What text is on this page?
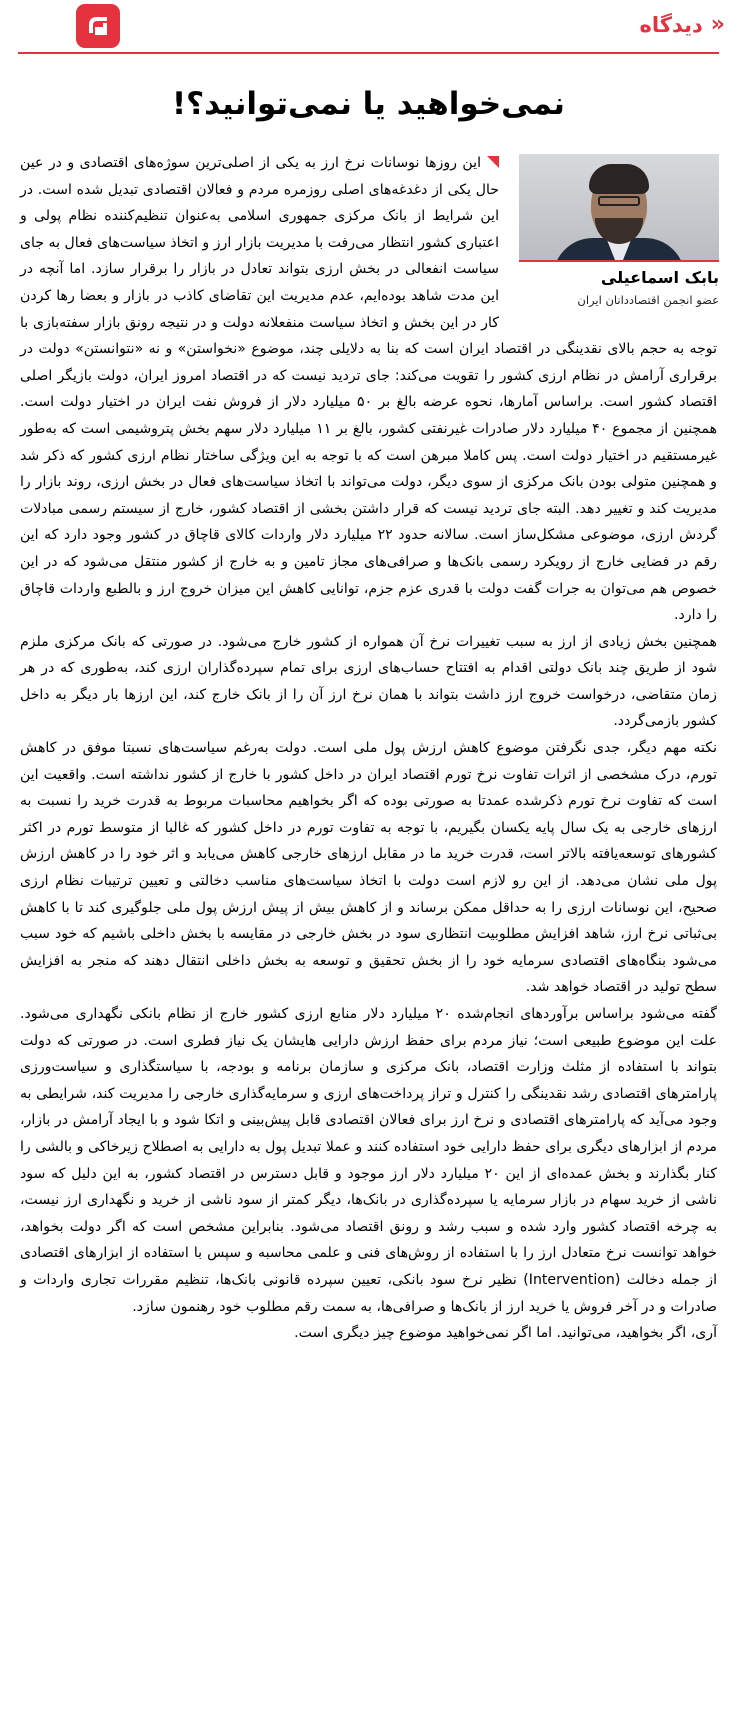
«
دیدگاه
نمی‌خواهید یا نمی‌توانید؟!
بابک اسماعیلی
عضو انجمن اقتصاددانان ایران

این روزها نوسانات نرخ ارز به یکی از اصلی‌ترین سوژه‌های اقتصادی و در عین حال یکی از دغدغه‌های اصلی روزمره مردم و فعالان اقتصادی تبدیل شده است. در این شرایط از بانک مرکزی جمهوری اسلامی به‌عنوان تنظیم‌کننده نظام پولی و اعتباری کشور انتظار می‌رفت با مدیریت بازار ارز و اتخاذ سیاست‌های فعال به جای سیاست انفعالی در بخش ارزی بتواند تعادل در بازار را برقرار سازد. اما آنچه در این مدت شاهد بوده‌ایم، عدم مدیریت این تقاضای کاذب در بازار و بعضا رها کردن کار در این بخش و اتخاذ سیاست منفعلانه دولت و در نتیجه رونق بازار سفته‌بازی با توجه به حجم بالای نقدینگی در اقتصاد ایران است که بنا به دلایلی چند، موضوع «نخواستن» و نه «نتوانستن» دولت در برقراری آرامش در نظام ارزی کشور را تقویت می‌کند: جای تردید نیست که در اقتصاد امروز ایران، دولت بازیگر اصلی اقتصاد کشور است. براساس آمارها، نحوه عرضه بالغ بر ۵۰ میلیارد دلار از فروش نفت ایران در اختیار دولت است. همچنین از مجموع ۴۰ میلیارد دلار صادرات غیرنفتی کشور، بالغ بر ۱۱ میلیارد دلار سهم بخش پتروشیمی است که به‌طور غیرمستقیم در اختیار دولت است. پس کاملا مبرهن است که با توجه به این ویژگی ساختار نظام ارزی کشور که ذکر شد و همچنین متولی بودن بانک مرکزی از سوی دیگر، دولت می‌تواند با اتخاذ سیاست‌های فعال در بخش ارزی، روند بازار را مدیریت کند و تغییر دهد. البته جای تردید نیست که قرار داشتن بخشی از اقتصاد کشور، خارج از سیستم رسمی مبادلات گردش ارزی، موضوعی مشکل‌ساز است. سالانه حدود ۲۲ میلیارد دلار واردات کالای قاچاق در کشور وجود دارد که این رقم در فضایی خارج از رویکرد رسمی بانک‌ها و صرافی‌های مجاز تامین و به خارج از کشور منتقل می‌شود که در این خصوص هم می‌توان به جرات گفت دولت با قدری عزم جزم، توانایی کاهش این میزان خروج ارز و بالطبع واردات قاچاق را دارد.

همچنین بخش زیادی از ارز به سبب تغییرات نرخ آن همواره از کشور خارج می‌شود. در صورتی که بانک مرکزی ملزم شود از طریق چند بانک دولتی اقدام به افتتاح حساب‌های ارزی برای تمام سپرده‌گذاران ارزی کند، به‌طوری که در هر زمان متقاضی، درخواست خروج ارز داشت بتواند با همان نرخ ارز آن را از بانک خارج کند، این ارزها بار دیگر به داخل کشور بازمی‌گردد.

نکته مهم دیگر، جدی نگرفتن موضوع کاهش ارزش پول ملی است. دولت به‌رغم سیاست‌های نسبتا موفق در کاهش تورم، درک مشخصی از اثرات تفاوت نرخ تورم اقتصاد ایران در داخل کشور با خارج از کشور نداشته است. واقعیت این است که تفاوت نرخ تورم ذکرشده عمدتا به صورتی بوده که اگر بخواهیم محاسبات مربوط به قدرت خرید را نسبت به ارزهای خارجی به یک سال پایه یکسان بگیریم، با توجه به تفاوت تورم در داخل کشور که غالبا از متوسط تورم در اکثر کشورهای توسعه‌یافته بالاتر است، قدرت خرید ما در مقابل ارزهای خارجی کاهش می‌یابد و اثر خود را در کاهش ارزش پول ملی نشان می‌دهد. از این رو لازم است دولت با اتخاذ سیاست‌های مناسب دخالتی و تعیین ترتیبات نظام ارزی صحیح، این نوسانات ارزی را به حداقل ممکن برساند و از کاهش بیش از پیش ارزش پول ملی جلوگیری کند تا با کاهش بی‌ثباتی نرخ ارز، شاهد افزایش مطلوبیت انتظاری سود در بخش خارجی در مقایسه با بخش داخلی باشیم که خود سبب می‌شود بنگاه‌های اقتصادی سرمایه خود را از بخش تحقیق و توسعه به بخش داخلی انتقال دهند که منجر به افزایش سطح تولید در اقتصاد خواهد شد.

گفته می‌شود براساس برآوردهای انجام‌شده ۲۰ میلیارد دلار منابع ارزی کشور خارج از نظام بانکی نگهداری می‌شود. علت این موضوع طبیعی است؛ نیاز مردم برای حفظ ارزش دارایی هایشان یک نیاز فطری است. در صورتی که دولت بتواند با استفاده از مثلث وزارت اقتصاد، بانک مرکزی و سازمان برنامه و بودجه، با سیاستگذاری و سیاست‌ورزی پارامترهای اقتصادی رشد نقدینگی را کنترل و تراز پرداخت‌های ارزی و سرمایه‌گذاری خارجی را مدیریت کند، شرایطی به وجود می‌آید که پارامترهای اقتصادی و نرخ ارز برای فعالان اقتصادی قابل پیش‌بینی و اتکا شود و با ایجاد آرامش در بازار، مردم از ابزارهای دیگری برای حفظ دارایی خود استفاده کنند و عملا تبدیل پول به دارایی به اصطلاح زیرخاکی و بالشی را کنار بگذارند و بخش عمده‌ای از این ۲۰ میلیارد دلار ارز موجود و قابل دسترس در اقتصاد کشور، به این دلیل که سود ناشی از خرید سهام در بازار سرمایه یا سپرده‌گذاری در بانک‌ها، دیگر کمتر از سود ناشی از خرید و نگهداری ارز نیست، به چرخه اقتصاد کشور وارد شده و سبب رشد و رونق اقتصاد می‌شود. بنابراین مشخص است که اگر دولت بخواهد، خواهد توانست نرخ متعادل ارز را با استفاده از روش‌های فنی و علمی محاسبه و سپس با استفاده از ابزارهای اقتصادی از جمله دخالت (Intervention) نظیر نرخ سود بانکی، تعیین سپرده قانونی بانک‌ها، تنظیم مقررات تجاری واردات و صادرات و در آخر فروش یا خرید ارز از بانک‌ها و صرافی‌ها، به سمت رقم مطلوب خود رهنمون سازد.

آری، اگر بخواهید، می‌توانید. اما اگر نمی‌خواهید موضوع چیز دیگری است.
